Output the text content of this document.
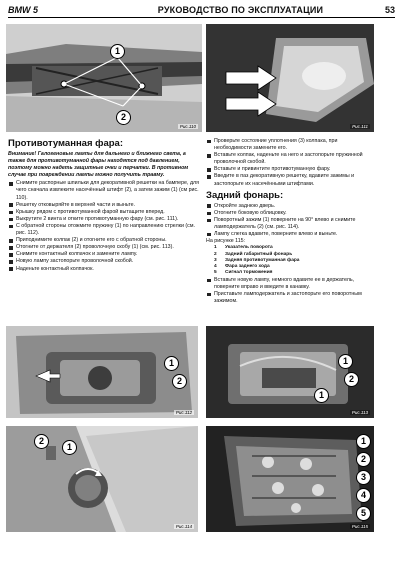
BMW 5	РУКОВОДСТВО ПО ЭКСПЛУАТАЦИИ	53
1
2
Рис.110	Рис.111
Противотуманная фара:
Внимание! Галогеновые лампы для дальнего и ближнего света, а также для противотуманной фары находятся под давлением, поэтому можно надеть защитные очки и перчатки. В противном случае при повреждении лампы можно получить травму.
Снимите распорные шпильки для декоративной решетки на бампере, для чего сначала извлеките насечённый штифт (2), а затем зажим (1) (см рис. 110).
Решетку отковыряйте в верхней части и выньте.
Крышку рядом с противотуманной фарой вытащите вперед.
Выкрутите 2 винта и отките противотуманную фару (см. рис. 111).
С обратной стороны отожмите пружину (1) по направлению стрелки (см. рис. 112).
Приподнимите колпак (2) и отогните его с обратной стороны.
Отогните от держателя (2) проволочную скобу (1) (см. рис. 113).
Снимите контактный колпачок и замените лампу.
Новую лампу застопорьте проволочной скобой.
Наденьте контактный колпачок.
Проверьте состояние уплотнения (3) колпака, при необходимости замените его.
Вставьте колпак, наденьте на него и застопорьте пружинной проволочной скобой.
Вставьте и привинтите противотуманную фару.
Введите в паз декоративную решетку, вдавите зажимы и застопорьте их насечёнными штифтами.
Задний фонарь:
Откройте заднюю дверь.
Отогните боковую облицовку.
Поворотный зажим (1) поверните на 90° влево и снимите ламподержатель (2) (см. рис. 114).
Лампу слегка вдавите, поверните влево и выньте.
На рисунке 115:
1 Указатель поворота
2 Задний габаритный фонарь
3 Задняя противотуманная фара
4 Фара заднего хода
5 Сигнал торможения
Вставьте новую лампу, немного вдавите ее в держатель, поверните вправо и введите в канавку.
Приставьте ламподержатель и застопорьте его поворотным зажимом.
1
2
Рис.112
1
2
1
Рис.113
2
1
Рис.114
1
2
3
4
5
Рис.115
